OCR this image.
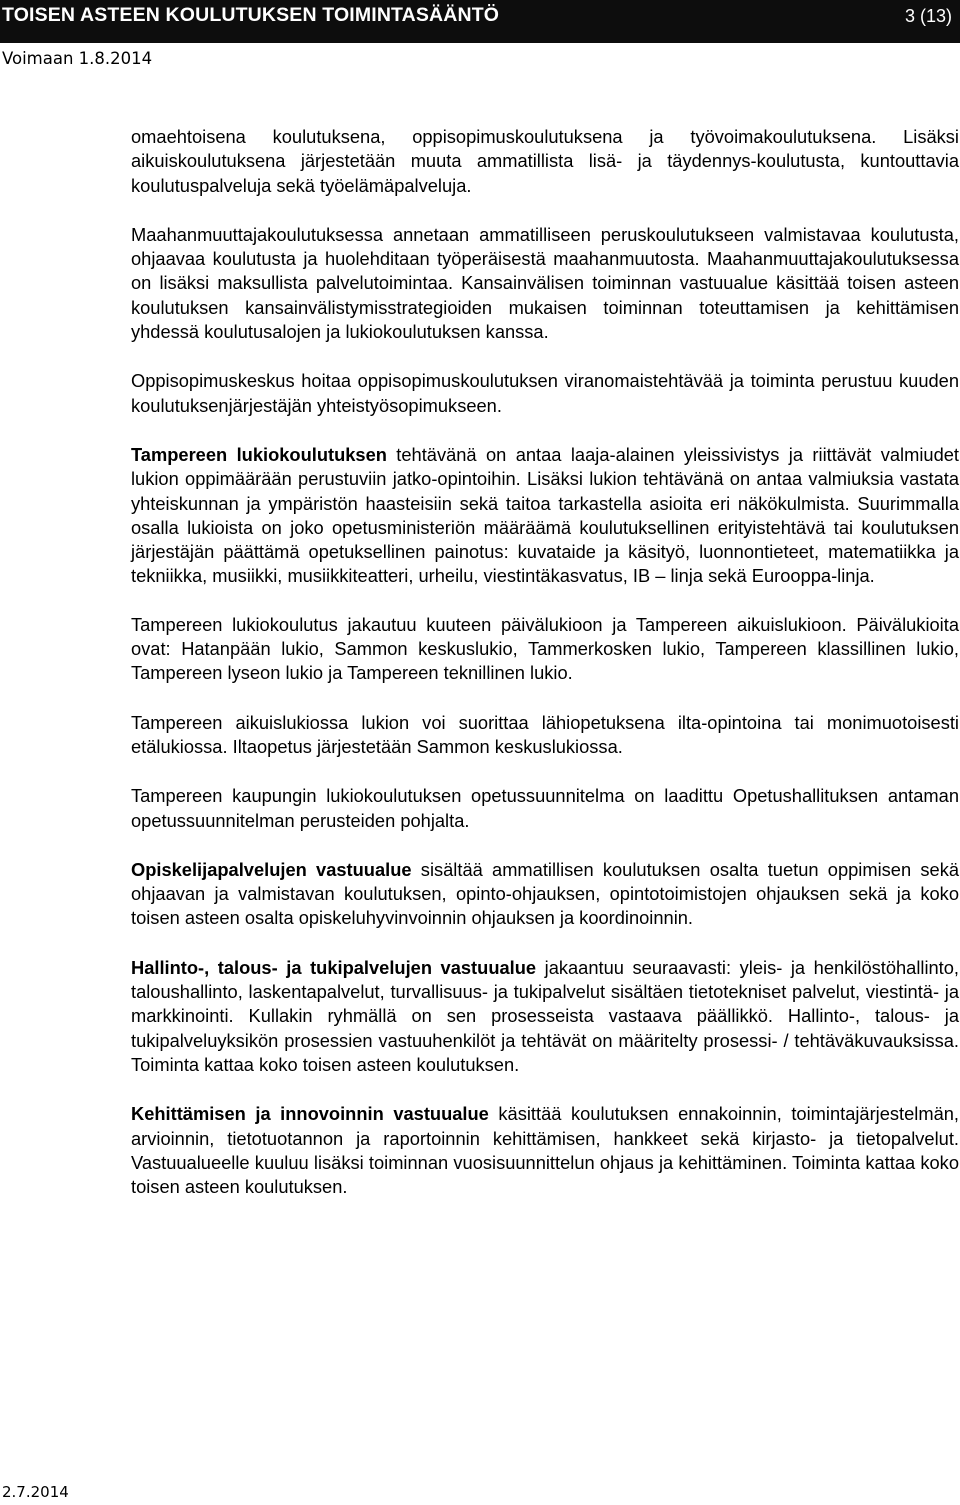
TOISEN ASTEEN KOULUTUKSEN TOIMINTASÄÄNTÖ	3 (13)
Voimaan 1.8.2014

omaehtoisena koulutuksena, oppisopimuskoulutuksena ja työvoimakoulutuksena. Lisäksi aikuiskoulutuksena järjestetään muuta ammatillista lisä- ja täydennys-koulutusta, kuntouttavia koulutuspalveluja sekä työelämäpalveluja.

Maahanmuuttajakoulutuksessa annetaan ammatilliseen peruskoulutukseen valmistavaa koulutusta, ohjaavaa koulutusta ja huolehditaan työperäisestä maahanmuutosta. Maahanmuuttajakoulutuksessa on lisäksi maksullista palvelutoimintaa. Kansainvälisen toiminnan vastuualue käsittää toisen asteen koulutuksen kansainvälistymisstrategioiden mukaisen toiminnan toteuttamisen ja kehittämisen yhdessä koulutusalojen ja lukiokoulutuksen kanssa.

Oppisopimuskeskus hoitaa oppisopimuskoulutuksen viranomaistehtävää ja toiminta perustuu kuuden koulutuksenjärjestäjän yhteistyösopimukseen.

Tampereen lukiokoulutuksen tehtävänä on antaa laaja-alainen yleissivistys ja riittävät valmiudet lukion oppimäärään perustuviin jatko-opintoihin. Lisäksi lukion tehtävänä on antaa valmiuksia vastata yhteiskunnan ja ympäristön haasteisiin sekä taitoa tarkastella asioita eri näkökulmista. Suurimmalla osalla lukioista on joko opetusministeriön määräämä koulutuksellinen erityistehtävä tai koulutuksen järjestäjän päättämä opetuksellinen painotus: kuvataide ja käsityö, luonnontieteet, matematiikka ja tekniikka, musiikki, musiikkiteatteri, urheilu, viestintäkasvatus, IB – linja sekä Eurooppa-linja.

Tampereen lukiokoulutus jakautuu kuuteen päivälukioon ja Tampereen aikuislukioon. Päivälukioita ovat: Hatanpään lukio, Sammon keskuslukio, Tammerkosken lukio, Tampereen klassillinen lukio, Tampereen lyseon lukio ja Tampereen teknillinen lukio.

Tampereen aikuislukiossa lukion voi suorittaa lähiopetuksena ilta-opintoina tai monimuotoisesti etälukiossa. Iltaopetus järjestetään Sammon keskuslukiossa.

Tampereen kaupungin lukiokoulutuksen opetussuunnitelma on laadittu Opetushallituksen antaman opetussuunnitelman perusteiden pohjalta.

Opiskelijapalvelujen vastuualue sisältää ammatillisen koulutuksen osalta tuetun oppimisen sekä ohjaavan ja valmistavan koulutuksen, opinto-ohjauksen, opintotoimistojen ohjauksen sekä ja koko toisen asteen osalta opiskeluhyvinvoinnin ohjauksen ja koordinoinnin.

Hallinto-, talous- ja tukipalvelujen vastuualue jakaantuu seuraavasti: yleis- ja henkilöstöhallinto, taloushallinto, laskentapalvelut, turvallisuus- ja tukipalvelut sisältäen tietotekniset palvelut, viestintä- ja markkinointi. Kullakin ryhmällä on sen prosesseista vastaava päällikkö. Hallinto-, talous- ja tukipalveluyksikön prosessien vastuuhenkilöt ja tehtävät on määritelty prosessi- / tehtäväkuvauksissa. Toiminta kattaa koko toisen asteen koulutuksen.

Kehittämisen ja innovoinnin vastuualue käsittää koulutuksen ennakoinnin, toimintajärjestelmän, arvioinnin, tietotuotannon ja raportoinnin kehittämisen, hankkeet sekä kirjasto- ja tietopalvelut. Vastuualueelle kuuluu lisäksi toiminnan vuosisuunnittelun ohjaus ja kehittäminen. Toiminta kattaa koko toisen asteen koulutuksen.

2.7.2014
